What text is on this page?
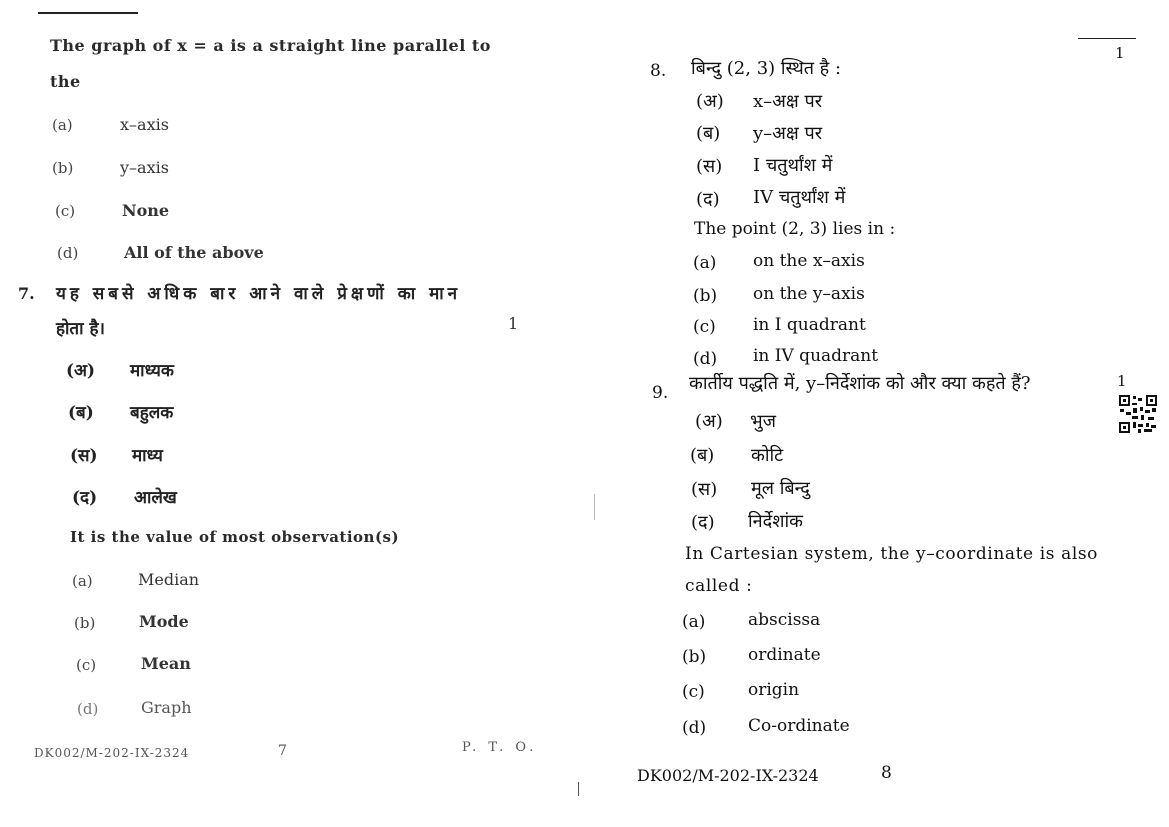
The graph of x = a is a straight line parallel to
the
(a)	x–axis
(b)	y–axis
(c)	None
(d)	All of the above
7. यह सबसे अधिक बार आने वाले प्रेक्षणों का मान
होता है।	1
(अ) माध्यक
(ब) बहुलक
(स) माध्य
(द) आलेख
It is the value of most observation(s)
(a)	Median
(b)	Mode
(c)	Mean
(d)	Graph
DK002/M-202-IX-2324	7	P. T. O.
1
8. बिन्दु (2, 3) स्थित है :
(अ) x–अक्ष पर
(ब) y–अक्ष पर
(स) I चतुर्थांश में
(द) IV चतुर्थांश में
The point (2, 3) lies in :
(a) on the x–axis
(b) on the y–axis
(c) in I quadrant
(d) in IV quadrant
9. कार्तीय पद्धति में, y–निर्देशांक को और क्या कहते हैं?	1
(अ) भुज
(ब) कोटि
(स) मूल बिन्दु
(द) निर्देशांक
In Cartesian system, the y–coordinate is also
called :
(a)	abscissa
(b) ordinate
(c)	origin
(d) Co-ordinate
DK002/M-202-IX-2324	8
